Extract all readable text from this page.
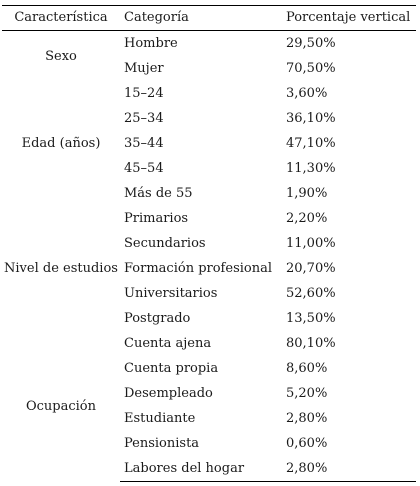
Característica	Categoría	Porcentaje vertical
Sexo	Hombre	29,50%
	Mujer	70,50%
Edad (años)	15–24	3,60%
	25–34	36,10%
	35–44	47,10%
	45–54	11,30%
	Más de 55	1,90%
Nivel de estudios	Primarios	2,20%
	Secundarios	11,00%
	Formación profesional	20,70%
	Universitarios	52,60%
	Postgrado	13,50%
Ocupación	Cuenta ajena	80,10%
	Cuenta propia	8,60%
	Desempleado	5,20%
	Estudiante	2,80%
	Pensionista	0,60%
	Labores del hogar	2,80%
